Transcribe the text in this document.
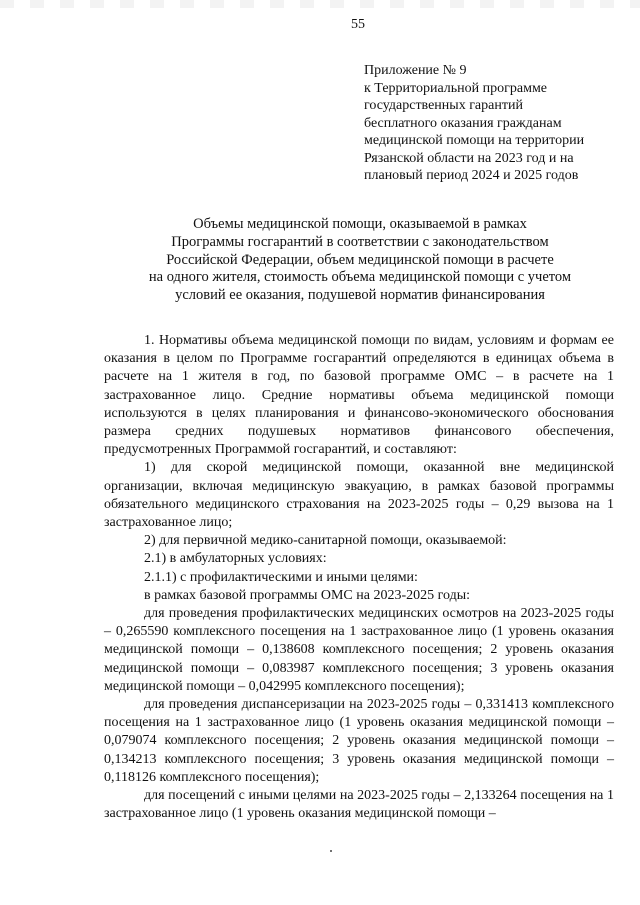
55
Приложение № 9
к Территориальной программе
государственных гарантий
бесплатного оказания гражданам
медицинской помощи на территории
Рязанской области на 2023 год и на
плановый период 2024 и 2025 годов
Объемы медицинской помощи, оказываемой в рамках
Программы госгарантий в соответствии с законодательством
Российской Федерации, объем медицинской помощи в расчете
на одного жителя, стоимость объема медицинской помощи с учетом
условий ее оказания, подушевой норматив финансирования
1. Нормативы объема медицинской помощи по видам, условиям и формам ее оказания в целом по Программе госгарантий определяются в единицах объема в расчете на 1 жителя в год, по базовой программе ОМС – в расчете на 1 застрахованное лицо. Средние нормативы объема медицинской помощи используются в целях планирования и финансово-экономического обоснования размера средних подушевых нормативов финансового обеспечения, предусмотренных Программой госгарантий, и составляют:
1) для скорой медицинской помощи, оказанной вне медицинской организации, включая медицинскую эвакуацию, в рамках базовой программы обязательного медицинского страхования на 2023-2025 годы – 0,29 вызова на 1 застрахованное лицо;
2) для первичной медико-санитарной помощи, оказываемой:
2.1) в амбулаторных условиях:
2.1.1) с профилактическими и иными целями:
в рамках базовой программы ОМС на 2023-2025 годы:
для проведения профилактических медицинских осмотров на 2023-2025 годы – 0,265590 комплексного посещения на 1 застрахованное лицо (1 уровень оказания медицинской помощи – 0,138608 комплексного посещения; 2 уровень оказания медицинской помощи – 0,083987 комплексного посещения; 3 уровень оказания медицинской помощи – 0,042995 комплексного посещения);
для проведения диспансеризации на 2023-2025 годы – 0,331413 комплексного посещения на 1 застрахованное лицо (1 уровень оказания медицинской помощи – 0,079074 комплексного посещения; 2 уровень оказания медицинской помощи – 0,134213 комплексного посещения; 3 уровень оказания медицинской помощи – 0,118126 комплексного посещения);
для посещений с иными целями на 2023-2025 годы – 2,133264 посещения на 1 застрахованное лицо (1 уровень оказания медицинской помощи –
